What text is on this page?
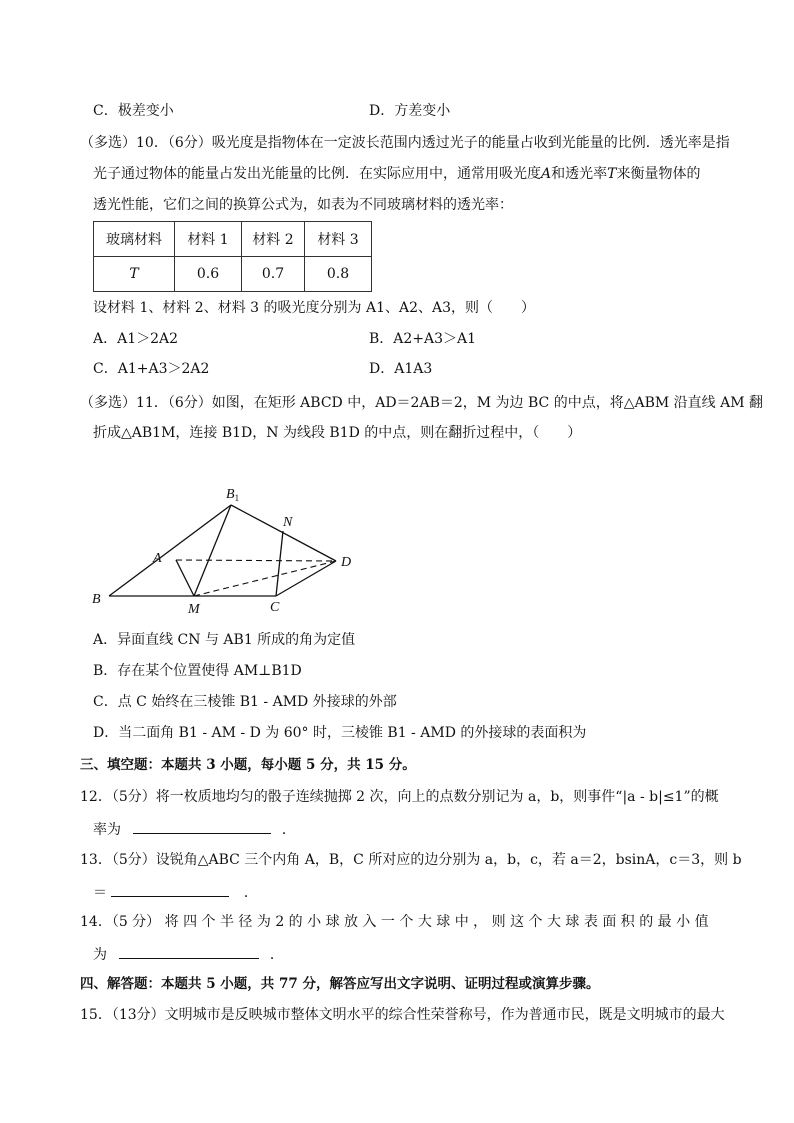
C．极差变小	D．方差变小
（多选）10．（6分）吸光度是指物体在一定波长范围内透过光子的能量占收到光能量的比例．透光率是指
光子通过物体的能量占发出光能量的比例．在实际应用中，通常用吸光度A和透光率T来衡量物体的
透光性能，它们之间的换算公式为，如表为不同玻璃材料的透光率：
玻璃材料	材料 1	材料 2	材料 3
T	0.6	0.7	0.8
设材料 1、材料 2、材料 3 的吸光度分别为 A1、A2、A3，则（　　）
A．A1＞2A2	B．A2+A3＞A1
C．A1+A3＞2A2	D．A1A3
（多选）11．（6分）如图，在矩形 ABCD 中，AD＝2AB＝2，M 为边 BC 的中点，将△ABM 沿直线 AM 翻
折成△AB1M，连接 B1D，N 为线段 B1D 的中点，则在翻折过程中，（　　）
$B_1$
N
A	D
B
M	C
A．异面直线 CN 与 AB1 所成的角为定值
B．存在某个位置使得 AM⊥B1D
C．点 C 始终在三棱锥 B1 - AMD 外接球的外部
D．当二面角 B1 - AM - D 为 60° 时，三棱锥 B1 - AMD 的外接球的表面积为
三、填空题：本题共 3 小题，每小题 5 分，共 15 分。
12．（5分）将一枚质地均匀的骰子连续抛掷 2 次，向上的点数分别记为 a，b，则事件“|a - b|≤1”的概
率为	．
13．（5分）设锐角△ABC 三个内角 A，B，C 所对应的边分别为 a，b，c，若 a＝2，bsinA，c＝3，则 b
＝	．
14．（5 分） 将 四 个 半 径 为 2 的 小 球 放 入 一 个 大 球 中 ， 则 这 个 大 球 表 面 积 的 最 小 值
为	．
四、解答题：本题共 5 小题，共 77 分，解答应写出文字说明、证明过程或演算步骤。
15．（13分）文明城市是反映城市整体文明水平的综合性荣誉称号，作为普通市民，既是文明城市的最大
